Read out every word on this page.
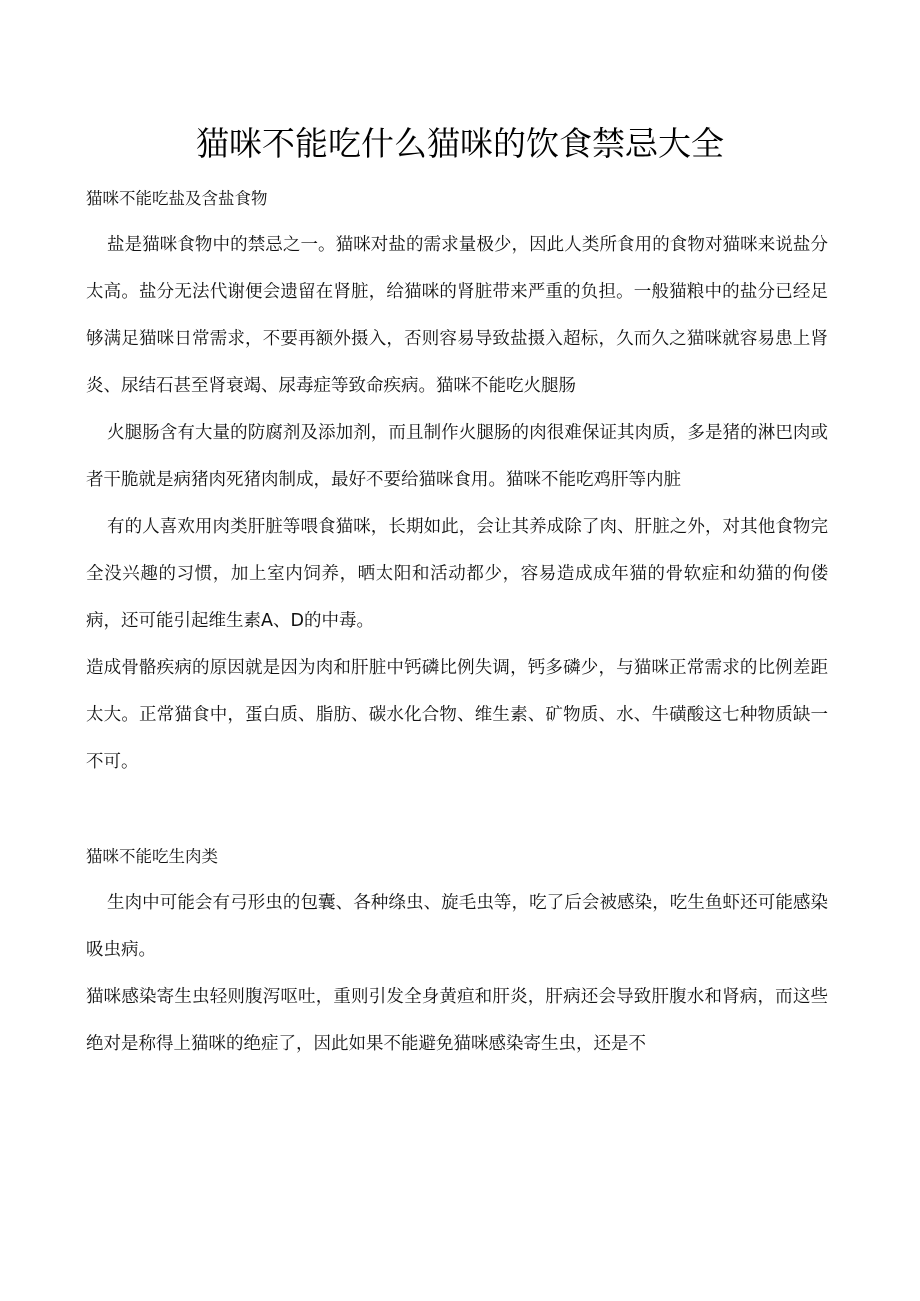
猫咪不能吃什么猫咪的饮食禁忌大全

猫咪不能吃盐及含盐食物

盐是猫咪食物中的禁忌之一。猫咪对盐的需求量极少，因此人类所食用的食物对猫咪来说盐分太高。盐分无法代谢便会遗留在肾脏，给猫咪的肾脏带来严重的负担。一般猫粮中的盐分已经足够满足猫咪日常需求，不要再额外摄入，否则容易导致盐摄入超标，久而久之猫咪就容易患上肾炎、尿结石甚至肾衰竭、尿毒症等致命疾病。猫咪不能吃火腿肠

火腿肠含有大量的防腐剂及添加剂，而且制作火腿肠的肉很难保证其肉质，多是猪的淋巴肉或者干脆就是病猪肉死猪肉制成，最好不要给猫咪食用。猫咪不能吃鸡肝等内脏

有的人喜欢用肉类肝脏等喂食猫咪，长期如此，会让其养成除了肉、肝脏之外，对其他食物完全没兴趣的习惯，加上室内饲养，晒太阳和活动都少，容易造成成年猫的骨软症和幼猫的佝偻病，还可能引起维生素A、D的中毒。

造成骨骼疾病的原因就是因为肉和肝脏中钙磷比例失调，钙多磷少，与猫咪正常需求的比例差距太大。正常猫食中，蛋白质、脂肪、碳水化合物、维生素、矿物质、水、牛磺酸这七种物质缺一不可。

猫咪不能吃生肉类

生肉中可能会有弓形虫的包囊、各种绦虫、旋毛虫等，吃了后会被感染，吃生鱼虾还可能感染吸虫病。

猫咪感染寄生虫轻则腹泻呕吐，重则引发全身黄疸和肝炎，肝病还会导致肝腹水和肾病，而这些绝对是称得上猫咪的绝症了，因此如果不能避免猫咪感染寄生虫，还是不
